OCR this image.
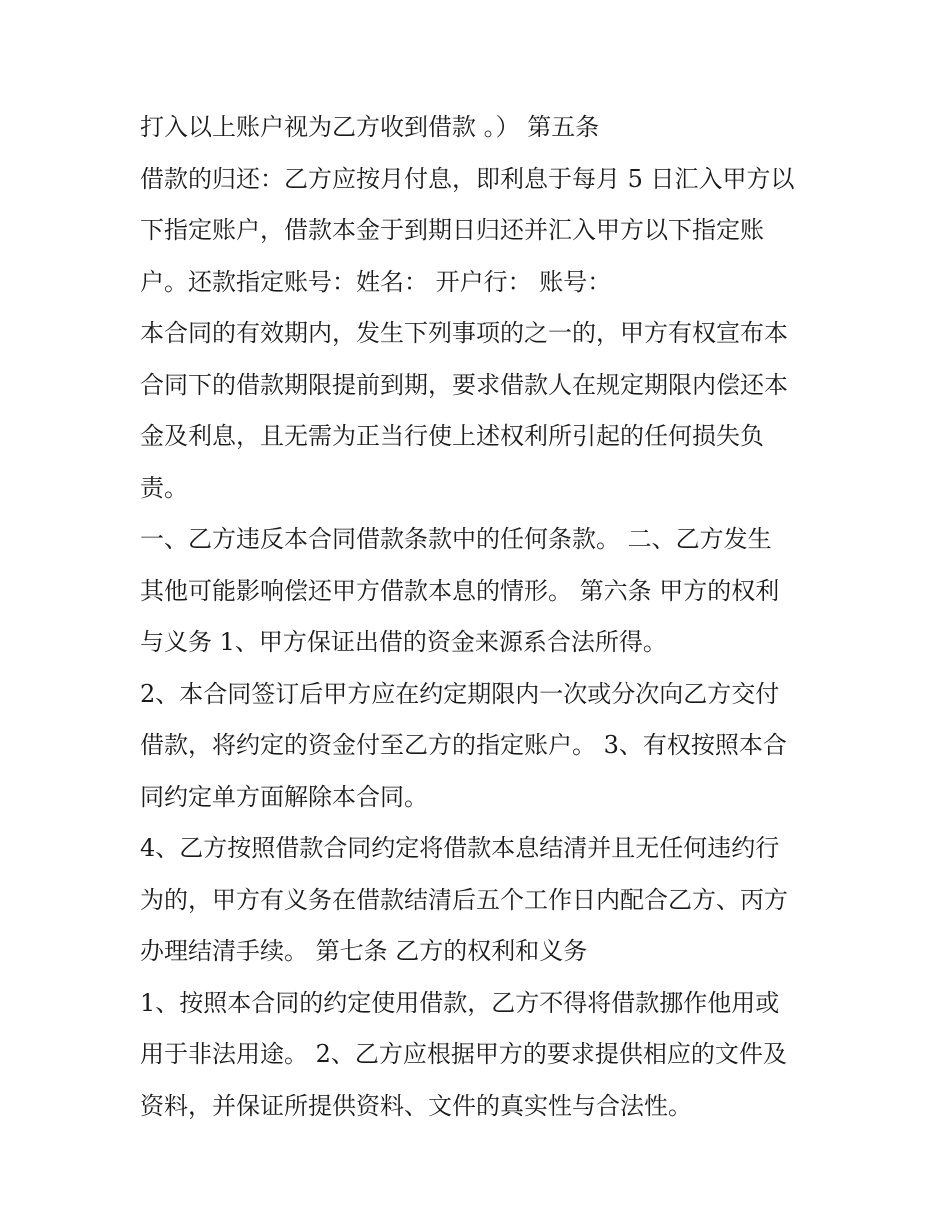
打入以上账户视为乙方收到借款 。） 第五条
借款的归还：乙方应按月付息，即利息于每月 5 日汇入甲方以
下指定账户，借款本金于到期日归还并汇入甲方以下指定账
户。还款指定账号：姓名： 开户行： 账号：
本合同的有效期内，发生下列事项的之一的，甲方有权宣布本
合同下的借款期限提前到期，要求借款人在规定期限内偿还本
金及利息，且无需为正当行使上述权利所引起的任何损失负
责。
一、乙方违反本合同借款条款中的任何条款。 二、乙方发生
其他可能影响偿还甲方借款本息的情形。 第六条 甲方的权利
与义务 1、甲方保证出借的资金来源系合法所得。
2、本合同签订后甲方应在约定期限内一次或分次向乙方交付
借款，将约定的资金付至乙方的指定账户。 3、有权按照本合
同约定单方面解除本合同。
4、乙方按照借款合同约定将借款本息结清并且无任何违约行
为的，甲方有义务在借款结清后五个工作日内配合乙方、丙方
办理结清手续。 第七条 乙方的权利和义务
1、按照本合同的约定使用借款，乙方不得将借款挪作他用或
用于非法用途。 2、乙方应根据甲方的要求提供相应的文件及
资料，并保证所提供资料、文件的真实性与合法性。
